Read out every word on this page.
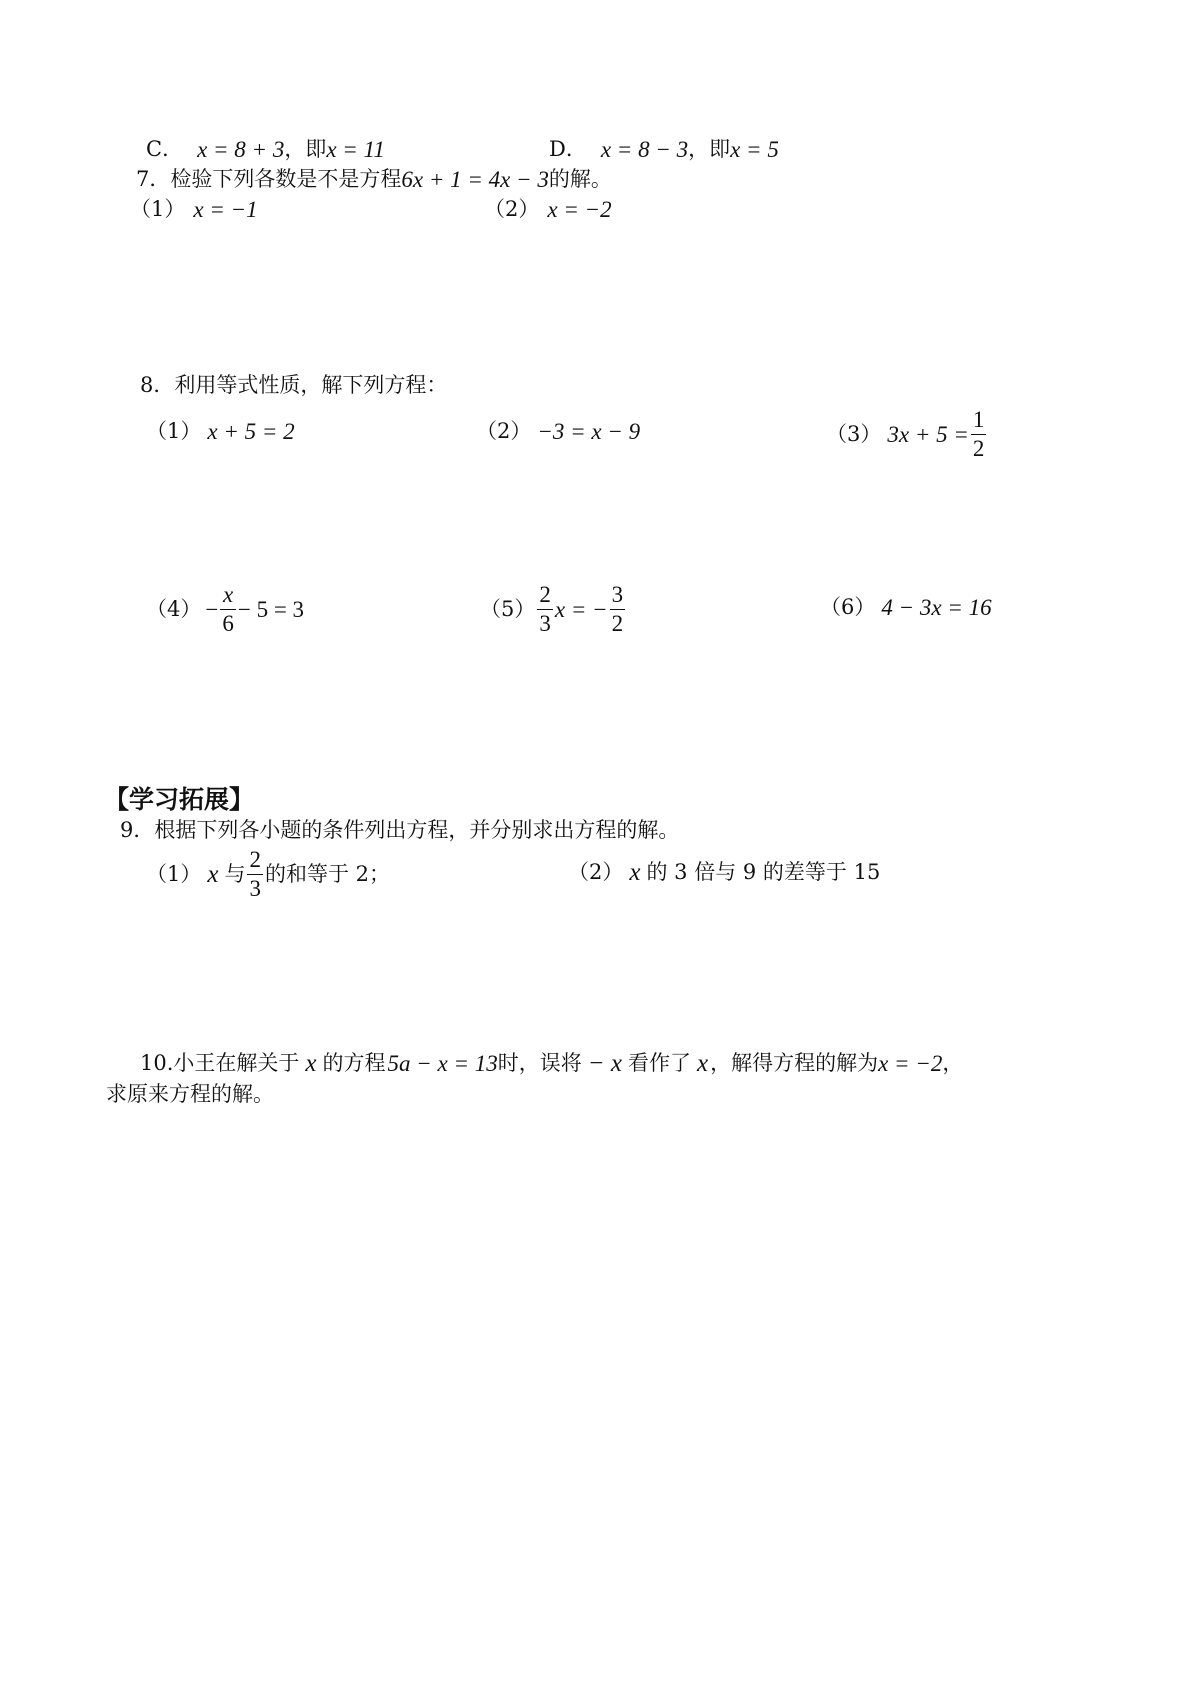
C． x = 8 + 3 ，即 x = 11	D． x = 8 − 3 ，即 x = 5
7． 检验下列各数是不是方程 6x + 1 = 4x − 3 的解。
（1） x = −1	（2） x = −2
8． 利用等式性质，解下列方程：
（1） x + 5 = 2	（2） −3 = x − 9	（3） $3x + 5 = \frac{1}{2}$
$(4) - \frac{x}{6} - 5 = 3$	$(5) \frac{2}{3}$ x = − $\frac{3}{2}$	（6） 4 − 3x = 16
【学习拓展】
9． 根据下列各小题的条件列出方程，并分别求出方程的解。
（1） x 与 $\frac{2}{3}$ 的和等于 2；	（2） x 的 3 倍与 9 的差等于 15
10. 小王在解关于 x 的方程 5a − x = 13 时，误将 − x 看作了 x ，解得方程的解为 x = −2 ，
求原来方程的解。
